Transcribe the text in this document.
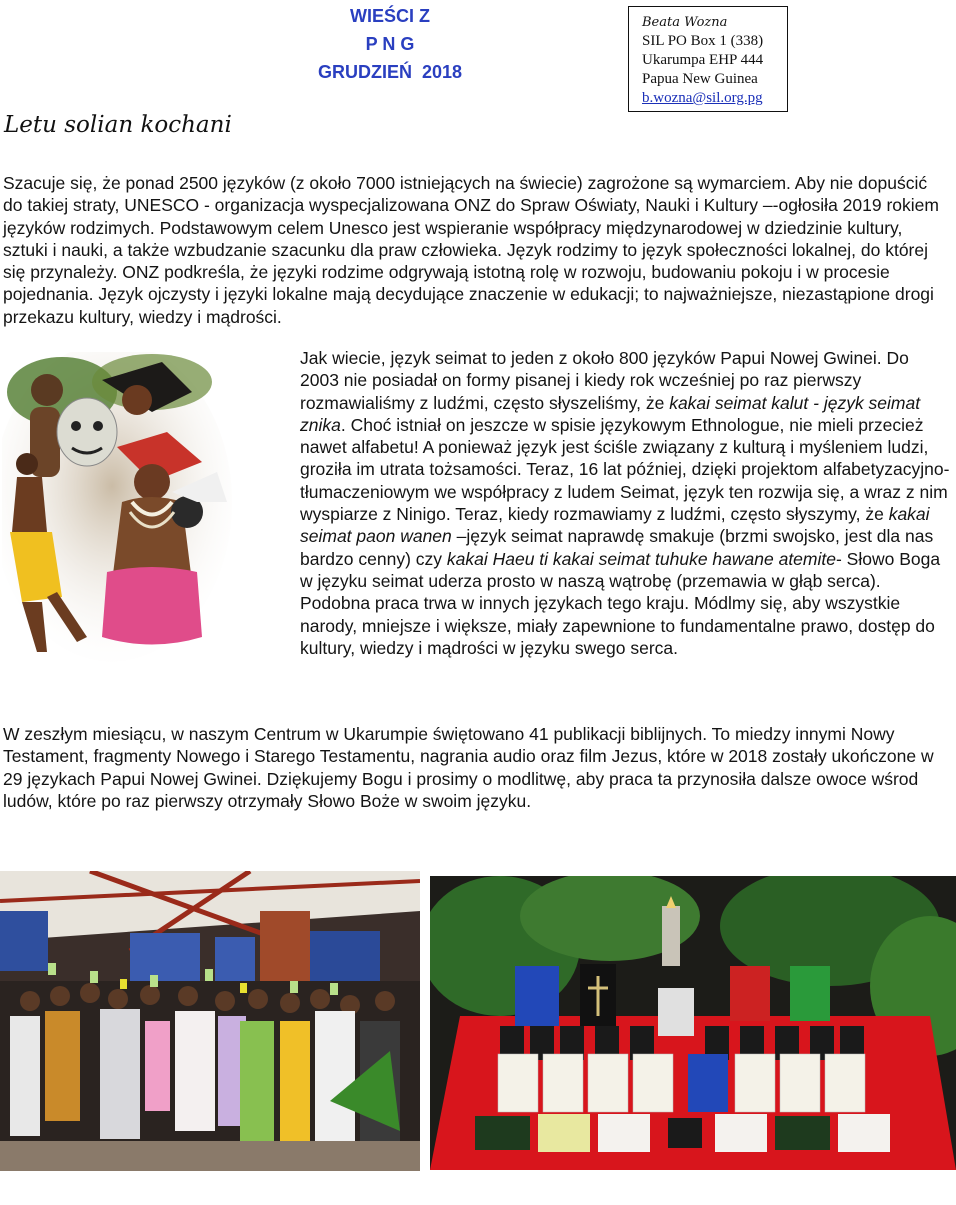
WIEŚCI Z
P N G
GRUDZIEŃ  2018
Beata Wozna
SIL PO Box 1 (338)
Ukarumpa EHP 444
Papua New Guinea
b.wozna@sil.org.pg
Letu solian kochani
Szacuje się, że ponad 2500 języków (z około 7000 istniejących na świecie) zagrożone są wymarciem. Aby nie dopuścić do takiej straty, UNESCO - organizacja wyspecjalizowana ONZ do Spraw Oświaty, Nauki i Kultury –-ogłosiła 2019 rokiem języków rodzimych. Podstawowym celem Unesco jest wspieranie współpracy międzynarodowej w dziedzinie kultury, sztuki i nauki, a także wzbudzanie szacunku dla praw człowieka. Język rodzimy to język społeczności lokalnej, do której się przynależy. ONZ podkreśla, że języki rodzime odgrywają istotną rolę w rozwoju, budowaniu pokoju i w procesie pojednania. Język ojczysty i języki lokalne mają decydujące znaczenie w edukacji; to najważniejsze, niezastąpione drogi przekazu kultury, wiedzy i mądrości.
Jak wiecie, język seimat to jeden z około 800 języków Papui Nowej Gwinei. Do 2003 nie posiadał on formy pisanej i kiedy rok wcześniej po raz pierwszy rozmawialiśmy z ludźmi, często słyszeliśmy, że kakai seimat kalut - język seimat znika. Choć istniał on jeszcze w spisie językowym Ethnologue, nie mieli przecież nawet alfabetu! A ponieważ język jest ściśle związany z kulturą i myśleniem ludzi, groziła im utrata tożsamości. Teraz, 16 lat później, dzięki projektom alfabetyzacyjno-tłumaczeniowym we współpracy z ludem Seimat, język ten rozwija się, a wraz z nim wyspiarze z Ninigo. Teraz, kiedy rozmawiamy z ludźmi, często słyszymy, że kakai seimat paon wanen –język seimat naprawdę smakuje (brzmi swojsko, jest dla nas bardzo cenny) czy kakai Haeu ti kakai seimat tuhuke hawane atemite- Słowo Boga w języku seimat uderza prosto w naszą wątrobę (przemawia w głąb serca). Podobna praca trwa w innych językach tego kraju. Módlmy się, aby wszystkie narody, mniejsze i większe, miały zapewnione to fundamentalne prawo, dostęp do kultury, wiedzy i mądrości w języku swego serca.
W zeszłym miesiącu, w naszym Centrum w Ukarumpie świętowano 41 publikacji biblijnych. To miedzy innymi Nowy Testament, fragmenty Nowego i Starego Testamentu, nagrania audio oraz film Jezus, które w 2018 zostały ukończone w 29 językach Papui Nowej Gwinei. Dziękujemy Bogu i prosimy o modlitwę, aby praca ta przynosiła dalsze owoce wśrod ludów, które po raz pierwszy otrzymały Słowo Boże w swoim języku.
